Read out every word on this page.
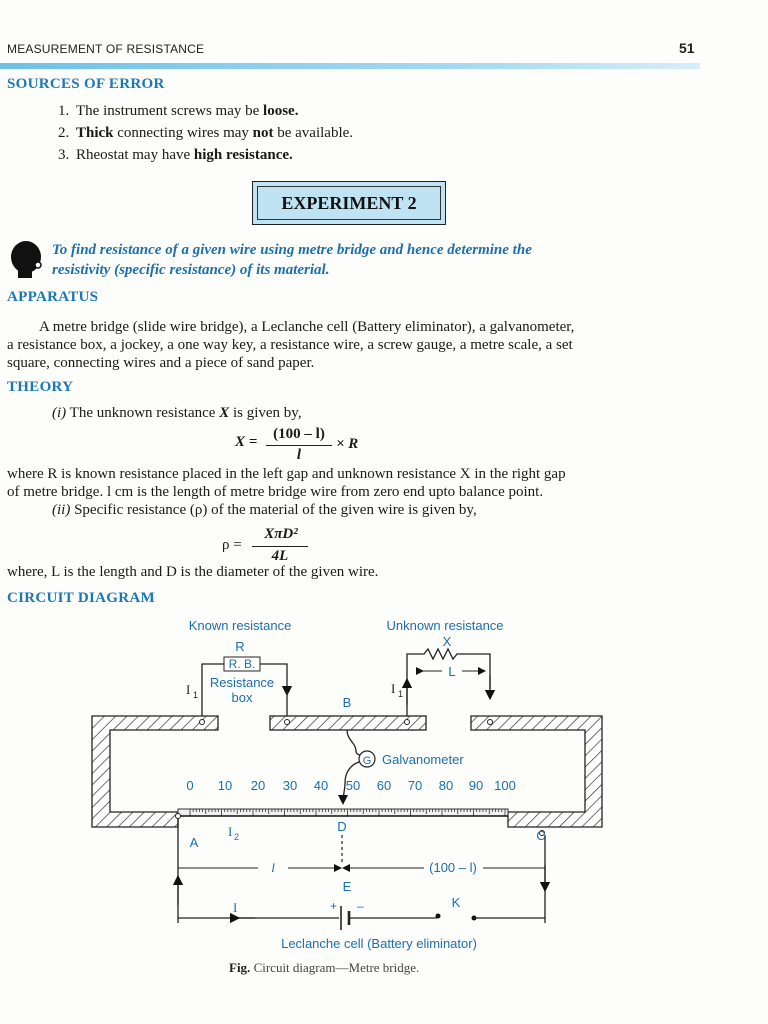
MEASUREMENT OF RESISTANCE	51
SOURCES OF ERROR
1. The instrument screws may be loose.
2. Thick connecting wires may not be available.
3. Rheostat may have high resistance.
EXPERIMENT 2
To find resistance of a given wire using metre bridge and hence determine the
resistivity (specific resistance) of its material.
APPARATUS
A metre bridge (slide wire bridge), a Leclanche cell (Battery eliminator), a galvanometer,
a resistance box, a jockey, a one way key, a resistance wire, a screw gauge, a metre scale, a set
square, connecting wires and a piece of sand paper.
THEORY
(i) The unknown resistance X is given by,
X =	(100 – l)
l
× R
where R is known resistance placed in the left gap and unknown resistance X in the right gap
of metre bridge. l cm is the length of metre bridge wire from zero end upto balance point.
(ii) Specific resistance (ρ) of the material of the given wire is given by,
ρ =
XπD²
4L
where, L is the length and D is the diameter of the given wire.
CIRCUIT DIAGRAM
Known resistance	Unknown resistance
R	X
R. B.
Resistance
box
I 1
L
I 1
B
G Galvanometer
0 10 20 30 40 50 60 70 80 90 100
A	C
D
I 2
l	(100 – l)
E
I	+ –	K
Leclanche cell (Battery eliminator)
Fig. Circuit diagram—Metre bridge.
